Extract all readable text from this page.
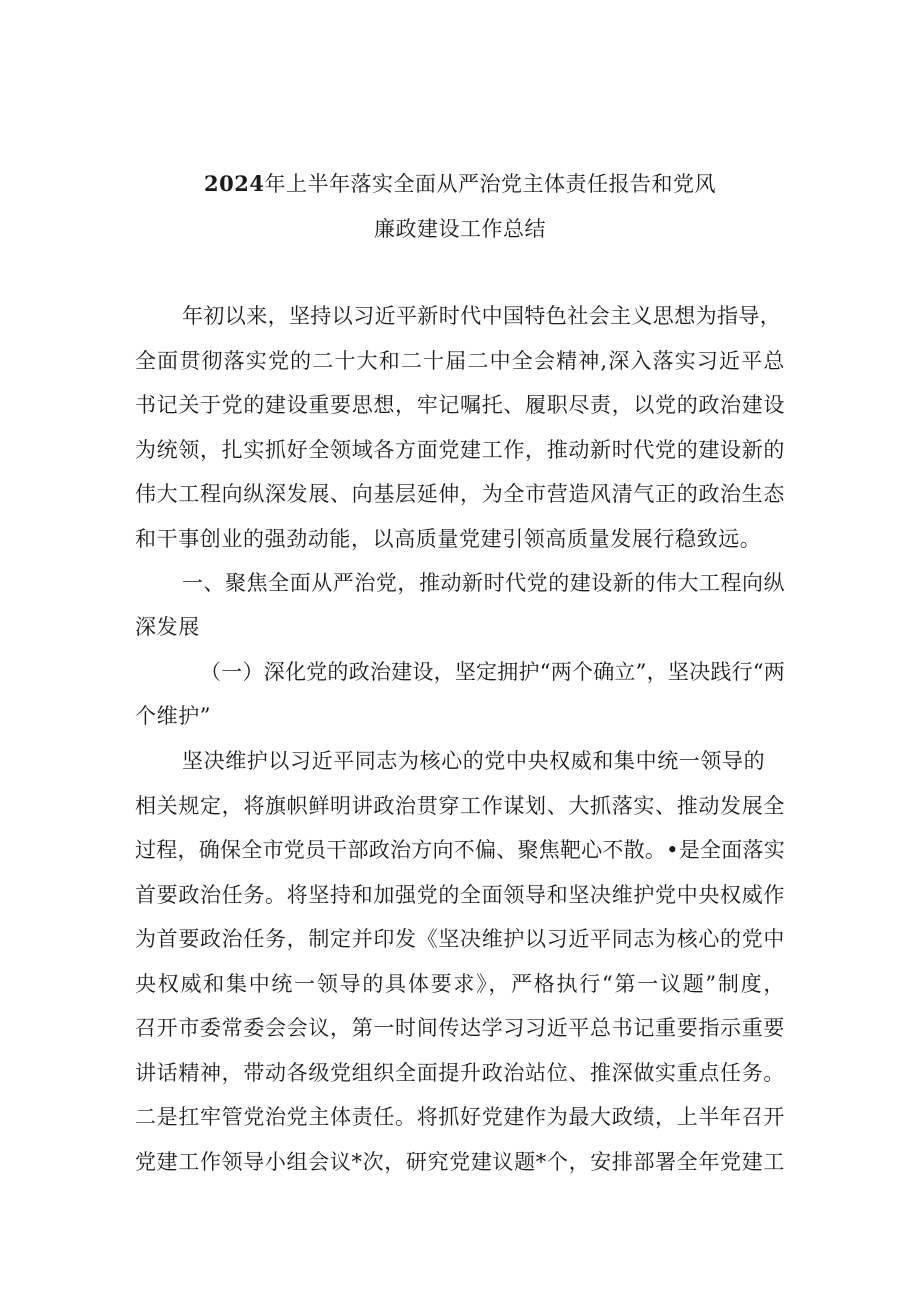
2024年上半年落实全面从严治党主体责任报告和党风
廉政建设工作总结
年初以来，坚持以习近平新时代中国特色社会主义思想为指导，
全面贯彻落实党的二十大和二十届二中全会精神,深入落实习近平总
书记关于党的建设重要思想，牢记嘱托、履职尽责，以党的政治建设
为统领，扎实抓好全领域各方面党建工作，推动新时代党的建设新的
伟大工程向纵深发展、向基层延伸，为全市营造风清气正的政治生态
和干事创业的强劲动能，以高质量党建引领高质量发展行稳致远。
一、聚焦全面从严治党，推动新时代党的建设新的伟大工程向纵
深发展
（一）深化党的政治建设，坚定拥护“两个确立”，坚决践行“两
个维护”
坚决维护以习近平同志为核心的党中央权威和集中统一领导的
相关规定，将旗帜鲜明讲政治贯穿工作谋划、大抓落实、推动发展全
过程，确保全市党员干部政治方向不偏、聚焦靶心不散。•是全面落实
首要政治任务。将坚持和加强党的全面领导和坚决维护党中央权威作
为首要政治任务，制定并印发《坚决维护以习近平同志为核心的党中
央权威和集中统一领导的具体要求》，严格执行“第一议题”制度，
召开市委常委会会议，第一时间传达学习习近平总书记重要指示重要
讲话精神，带动各级党组织全面提升政治站位、推深做实重点任务。
二是扛牢管党治党主体责任。将抓好党建作为最大政绩，上半年召开
党建工作领导小组会议*次，研究党建议题*个，安排部署全年党建工
